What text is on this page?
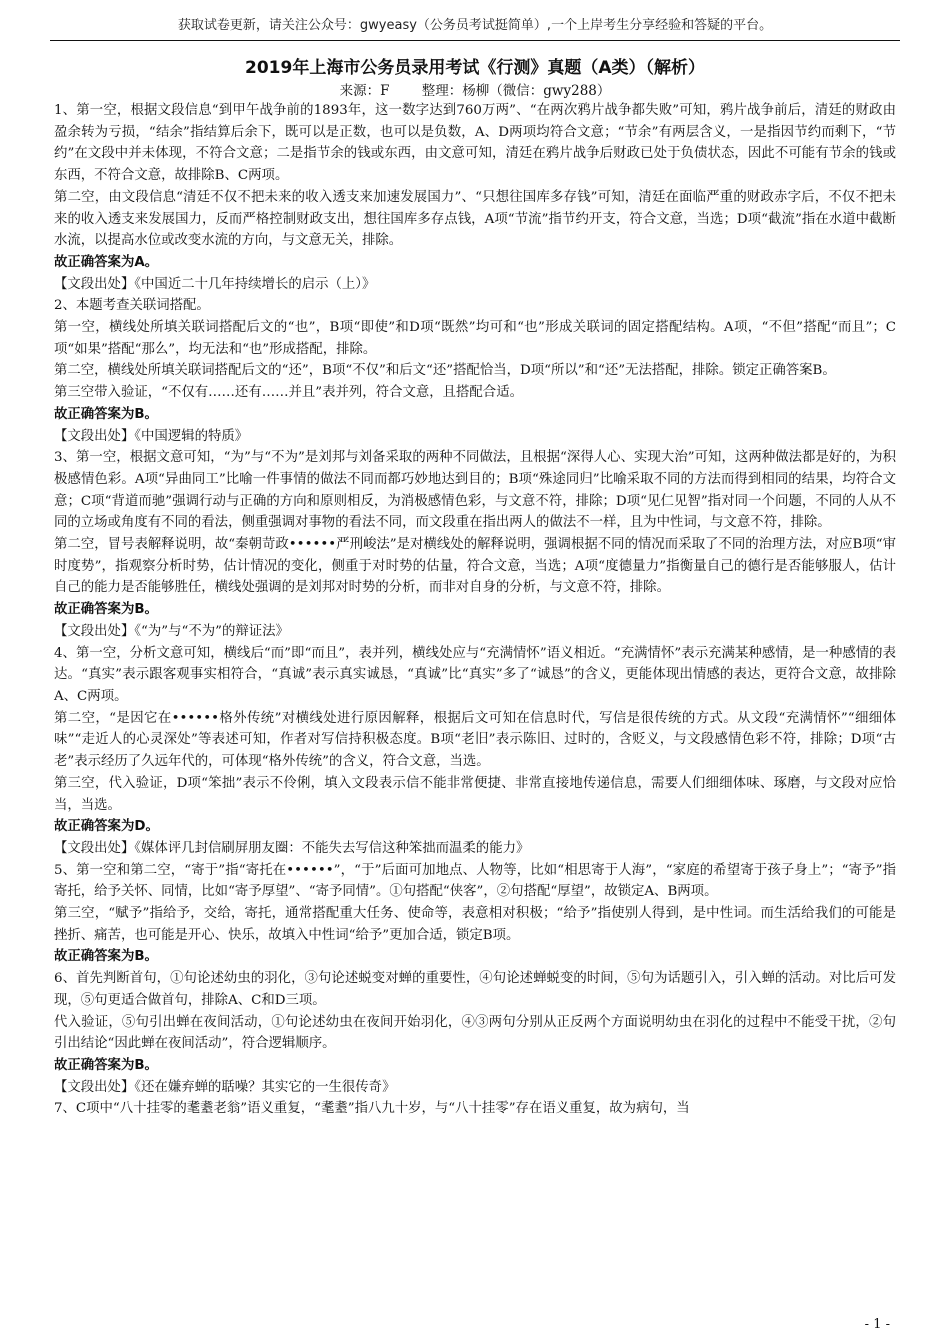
获取试卷更新，请关注公众号：gwyeasy（公务员考试挺简单）,一个上岸考生分享经验和答疑的平台。
2019年上海市公务员录用考试《行测》真题（A类）（解析）
来源：F 整理：杨柳（微信：gwy288）

1、第一空，根据文段信息“到甲午战争前的1893年，这一数字达到760万两”、“在两次鸦片战争都失败”可知，鸦片战争前后，清廷的财政由盈余转为亏损，“结余”指结算后余下，既可以是正数，也可以是负数，A、D两项均符合文意；“节余”有两层含义，一是指因节约而剩下，“节约”在文段中并未体现，不符合文意；二是指节余的钱或东西，由文意可知，清廷在鸦片战争后财政已处于负债状态，因此不可能有节余的钱或东西，不符合文意，故排除B、C两项。

第二空，由文段信息“清廷不仅不把未来的收入透支来加速发展国力”、“只想往国库多存钱”可知，清廷在面临严重的财政赤字后，不仅不把未来的收入透支来发展国力，反而严格控制财政支出，想往国库多存点钱，A项“节流”指节约开支，符合文意，当选；D项“截流”指在水道中截断水流，以提高水位或改变水流的方向，与文意无关，排除。

故正确答案为A。

【文段出处】《中国近二十几年持续增长的启示（上）》

2、本题考查关联词搭配。

第一空，横线处所填关联词搭配后文的“也”，B项“即使”和D项“既然”均可和“也”形成关联词的固定搭配结构。A项，“不但”搭配“而且”；C项“如果”搭配“那么”，均无法和“也”形成搭配，排除。

第二空，横线处所填关联词搭配后文的“还”，B项“不仅”和后文“还”搭配恰当，D项“所以”和“还”无法搭配，排除。锁定正确答案B。

第三空带入验证，“不仅有……还有……并且”表并列，符合文意，且搭配合适。

故正确答案为B。

【文段出处】《中国逻辑的特质》

3、第一空，根据文意可知，“为”与“不为”是刘邦与刘备采取的两种不同做法，且根据“深得人心、实现大治”可知，这两种做法都是好的，为积极感情色彩。A项“异曲同工”比喻一件事情的做法不同而都巧妙地达到目的；B项“殊途同归”比喻采取不同的方法而得到相同的结果，均符合文意；C项“背道而驰”强调行动与正确的方向和原则相反，为消极感情色彩，与文意不符，排除；D项“见仁见智”指对同一个问题，不同的人从不同的立场或角度有不同的看法，侧重强调对事物的看法不同，而文段重在指出两人的做法不一样，且为中性词，与文意不符，排除。

第二空，冒号表解释说明，故“秦朝苛政••••••严刑峻法”是对横线处的解释说明，强调根据不同的情况而采取了不同的治理方法，对应B项“审时度势”，指观察分析时势，估计情况的变化，侧重于对时势的估量，符合文意，当选；A项“度德量力”指衡量自己的德行是否能够服人，估计自己的能力是否能够胜任，横线处强调的是刘邦对时势的分析，而非对自身的分析，与文意不符，排除。

故正确答案为B。

【文段出处】《“为”与“不为”的辩证法》

4、第一空，分析文意可知，横线后“而”即“而且”，表并列，横线处应与“充满情怀”语义相近。“充满情怀”表示充满某种感情，是一种感情的表达。“真实”表示跟客观事实相符合，“真诚”表示真实诚恳，“真诚”比“真实”多了“诚恳”的含义，更能体现出情感的表达，更符合文意，故排除A、C两项。

第二空，“是因它在••••••格外传统”对横线处进行原因解释，根据后文可知在信息时代，写信是很传统的方式。从文段“充满情怀”“细细体味”“走近人的心灵深处”等表述可知，作者对写信持积极态度。B项“老旧”表示陈旧、过时的，含贬义，与文段感情色彩不符，排除；D项“古老”表示经历了久远年代的，可体现“格外传统”的含义，符合文意，当选。

第三空，代入验证，D项“笨拙”表示不伶俐，填入文段表示信不能非常便捷、非常直接地传递信息，需要人们细细体味、琢磨，与文段对应恰当，当选。

故正确答案为D。

【文段出处】《媒体评几封信刷屏朋友圈：不能失去写信这种笨拙而温柔的能力》

5、第一空和第二空，“寄于”指“寄托在••••••”，“于”后面可加地点、人物等，比如“相思寄于人海”，“家庭的希望寄于孩子身上”；“寄予”指寄托，给予关怀、同情，比如“寄予厚望”、“寄予同情”。①句搭配“侠客”，②句搭配“厚望”，故锁定A、B两项。

第三空，“赋予”指给予，交给，寄托，通常搭配重大任务、使命等，表意相对积极；“给予”指使别人得到，是中性词。而生活给我们的可能是挫折、痛苦，也可能是开心、快乐，故填入中性词“给予”更加合适，锁定B项。

故正确答案为B。

6、首先判断首句，①句论述幼虫的羽化，③句论述蜕变对蝉的重要性，④句论述蝉蜕变的时间，⑤句为话题引入，引入蝉的活动。对比后可发现，⑤句更适合做首句，排除A、C和D三项。

代入验证，⑤句引出蝉在夜间活动，①句论述幼虫在夜间开始羽化，④③两句分别从正反两个方面说明幼虫在羽化的过程中不能受干扰，②句引出结论“因此蝉在夜间活动”，符合逻辑顺序。

故正确答案为B。

【文段出处】《还在嫌弃蝉的聒噪？其实它的一生很传奇》

7、C项中“八十挂零的耄耋老翁”语义重复，“耄耋”指八九十岁，与“八十挂零”存在语义重复，故为病句，当

- 1 -
